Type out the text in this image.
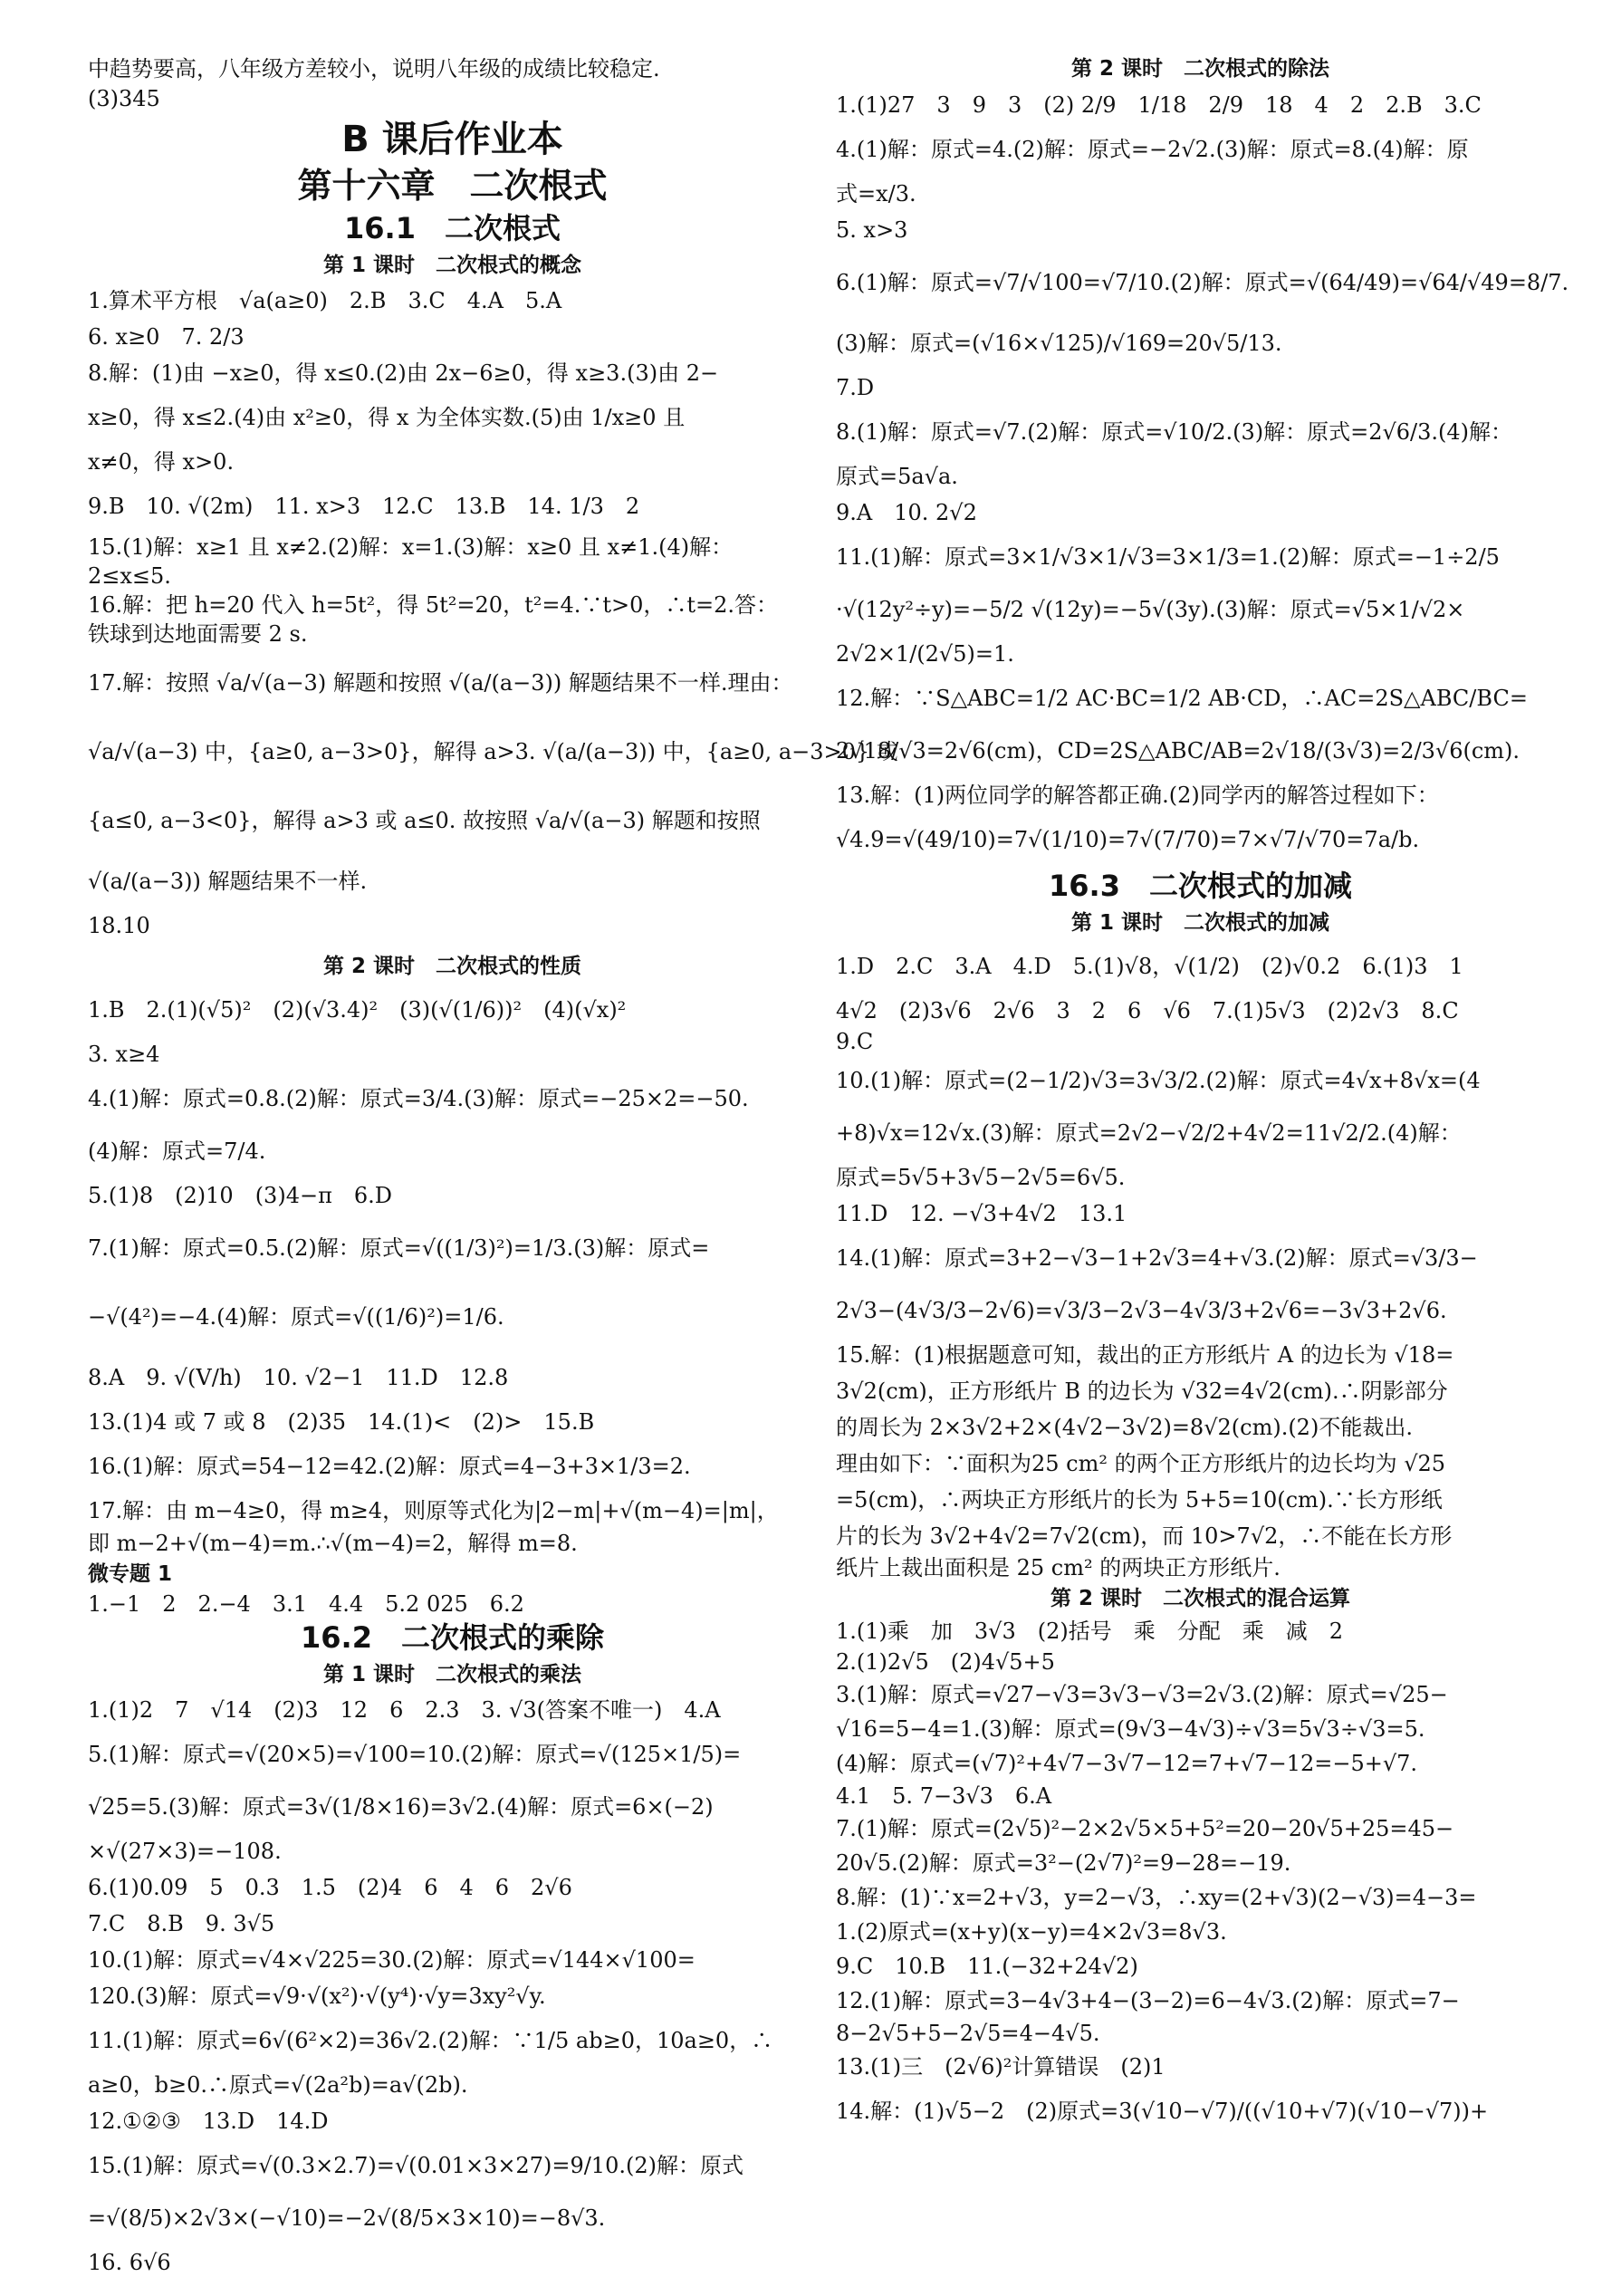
中趋势要高，八年级方差较小，说明八年级的成绩比较稳定.

(3)345

B 课后作业本
第十六章　二次根式
16.1　二次根式
第 1 课时　二次根式的概念

1.算术平方根　√a(a≥0)　2.B　3.C　4.A　5.A

6. x≥0　7. 2/3

8.解：(1)由 −x≥0，得 x≤0.(2)由 2x−6≥0，得 x≥3.(3)由 2−

x≥0，得 x≤2.(4)由 x²≥0，得 x 为全体实数.(5)由 1/x≥0 且

x≠0，得 x>0.

9.B　10. √(2m)　11. x>3　12.C　13.B　14. 1/3　2

15.(1)解：x≥1 且 x≠2.(2)解：x=1.(3)解：x≥0 且 x≠1.(4)解：

2≤x≤5.

16.解：把 h=20 代入 h=5t²，得 5t²=20，t²=4.∵t>0，∴t=2.答：

铁球到达地面需要 2 s.

17.解：按照 √a/√(a−3) 解题和按照 √(a/(a−3)) 解题结果不一样.理由：

√a/√(a−3) 中，{a≥0, a−3>0}，解得 a>3. √(a/(a−3)) 中，{a≥0, a−3>0} 或

{a≤0, a−3<0}，解得 a>3 或 a≤0. 故按照 √a/√(a−3) 解题和按照

√(a/(a−3)) 解题结果不一样.

18.10

第 2 课时　二次根式的性质

1.B　2.(1)(√5)²　(2)(√3.4)²　(3)(√(1/6))²　(4)(√x)²

3. x≥4

4.(1)解：原式=0.8.(2)解：原式=3/4.(3)解：原式=−25×2=−50.

(4)解：原式=7/4.

5.(1)8　(2)10　(3)4−π　6.D

7.(1)解：原式=0.5.(2)解：原式=√((1/3)²)=1/3.(3)解：原式=

−√(4²)=−4.(4)解：原式=√((1/6)²)=1/6.

8.A　9. √(V/h)　10. √2−1　11.D　12.8

13.(1)4 或 7 或 8　(2)35　14.(1)<　(2)>　15.B

16.(1)解：原式=54−12=42.(2)解：原式=4−3+3×1/3=2.

17.解：由 m−4≥0，得 m≥4，则原等式化为|2−m|+√(m−4)=|m|，

即 m−2+√(m−4)=m.∴√(m−4)=2，解得 m=8.

微专题 1

1.−1　2　2.−4　3.1　4.4　5.2 025　6.2

16.2　二次根式的乘除
第 1 课时　二次根式的乘法

1.(1)2　7　√14　(2)3　12　6　2.3　3. √3(答案不唯一)　4.A

5.(1)解：原式=√(20×5)=√100=10.(2)解：原式=√(125×1/5)=

√25=5.(3)解：原式=3√(1/8×16)=3√2.(4)解：原式=6×(−2)

×√(27×3)=−108.

6.(1)0.09　5　0.3　1.5　(2)4　6　4　6　2√6

7.C　8.B　9. 3√5

10.(1)解：原式=√4×√225=30.(2)解：原式=√144×√100=

120.(3)解：原式=√9·√(x²)·√(y⁴)·√y=3xy²√y.

11.(1)解：原式=6√(6²×2)=36√2.(2)解：∵1/5 ab≥0，10a≥0，∴

a≥0，b≥0.∴原式=√(2a²b)=a√(2b).

12.①②③　13.D　14.D

15.(1)解：原式=√(0.3×2.7)=√(0.01×3×27)=9/10.(2)解：原式

=√(8/5)×2√3×(−√10)=−2√(8/5×3×10)=−8√3.

16. 6√6

第 2 课时　二次根式的除法

1.(1)27　3　9　3　(2) 2/9　1/18　2/9　18　4　2　2.B　3.C

4.(1)解：原式=4.(2)解：原式=−2√2.(3)解：原式=8.(4)解：原

式=x/3.

5. x>3

6.(1)解：原式=√7/√100=√7/10.(2)解：原式=√(64/49)=√64/√49=8/7.

(3)解：原式=(√16×√125)/√169=20√5/13.

7.D

8.(1)解：原式=√7.(2)解：原式=√10/2.(3)解：原式=2√6/3.(4)解：

原式=5a√a.

9.A　10. 2√2

11.(1)解：原式=3×1/√3×1/√3=3×1/3=1.(2)解：原式=−1÷2/5

·√(12y²÷y)=−5/2 √(12y)=−5√(3y).(3)解：原式=√5×1/√2×

2√2×1/(2√5)=1.

12.解：∵S△ABC=1/2 AC·BC=1/2 AB·CD，∴AC=2S△ABC/BC=

2√18/√3=2√6(cm)，CD=2S△ABC/AB=2√18/(3√3)=2/3√6(cm).

13.解：(1)两位同学的解答都正确.(2)同学丙的解答过程如下：

√4.9=√(49/10)=7√(1/10)=7√(7/70)=7×√7/√70=7a/b.

16.3　二次根式的加减
第 1 课时　二次根式的加减

1.D　2.C　3.A　4.D　5.(1)√8，√(1/2)　(2)√0.2　6.(1)3　1

4√2　(2)3√6　2√6　3　2　6　√6　7.(1)5√3　(2)2√3　8.C

9.C

10.(1)解：原式=(2−1/2)√3=3√3/2.(2)解：原式=4√x+8√x=(4

+8)√x=12√x.(3)解：原式=2√2−√2/2+4√2=11√2/2.(4)解：

原式=5√5+3√5−2√5=6√5.

11.D　12. −√3+4√2　13.1

14.(1)解：原式=3+2−√3−1+2√3=4+√3.(2)解：原式=√3/3−

2√3−(4√3/3−2√6)=√3/3−2√3−4√3/3+2√6=−3√3+2√6.

15.解：(1)根据题意可知，裁出的正方形纸片 A 的边长为 √18=

3√2(cm)，正方形纸片 B 的边长为 √32=4√2(cm).∴阴影部分

的周长为 2×3√2+2×(4√2−3√2)=8√2(cm).(2)不能裁出.

理由如下：∵面积为25 cm² 的两个正方形纸片的边长均为 √25

=5(cm)，∴两块正方形纸片的长为 5+5=10(cm).∵长方形纸

片的长为 3√2+4√2=7√2(cm)，而 10>7√2，∴不能在长方形

纸片上裁出面积是 25 cm² 的两块正方形纸片.

第 2 课时　二次根式的混合运算

1.(1)乘　加　3√3　(2)括号　乘　分配　乘　减　2

2.(1)2√5　(2)4√5+5

3.(1)解：原式=√27−√3=3√3−√3=2√3.(2)解：原式=√25−

√16=5−4=1.(3)解：原式=(9√3−4√3)÷√3=5√3÷√3=5.

(4)解：原式=(√7)²+4√7−3√7−12=7+√7−12=−5+√7.

4.1　5. 7−3√3　6.A

7.(1)解：原式=(2√5)²−2×2√5×5+5²=20−20√5+25=45−

20√5.(2)解：原式=3²−(2√7)²=9−28=−19.

8.解：(1)∵x=2+√3，y=2−√3，∴xy=(2+√3)(2−√3)=4−3=

1.(2)原式=(x+y)(x−y)=4×2√3=8√3.

9.C　10.B　11.(−32+24√2)

12.(1)解：原式=3−4√3+4−(3−2)=6−4√3.(2)解：原式=7−

8−2√5+5−2√5=4−4√5.

13.(1)三　(2√6)²计算错误　(2)1

14.解：(1)√5−2　(2)原式=3(√10−√7)/((√10+√7)(√10−√7))+
